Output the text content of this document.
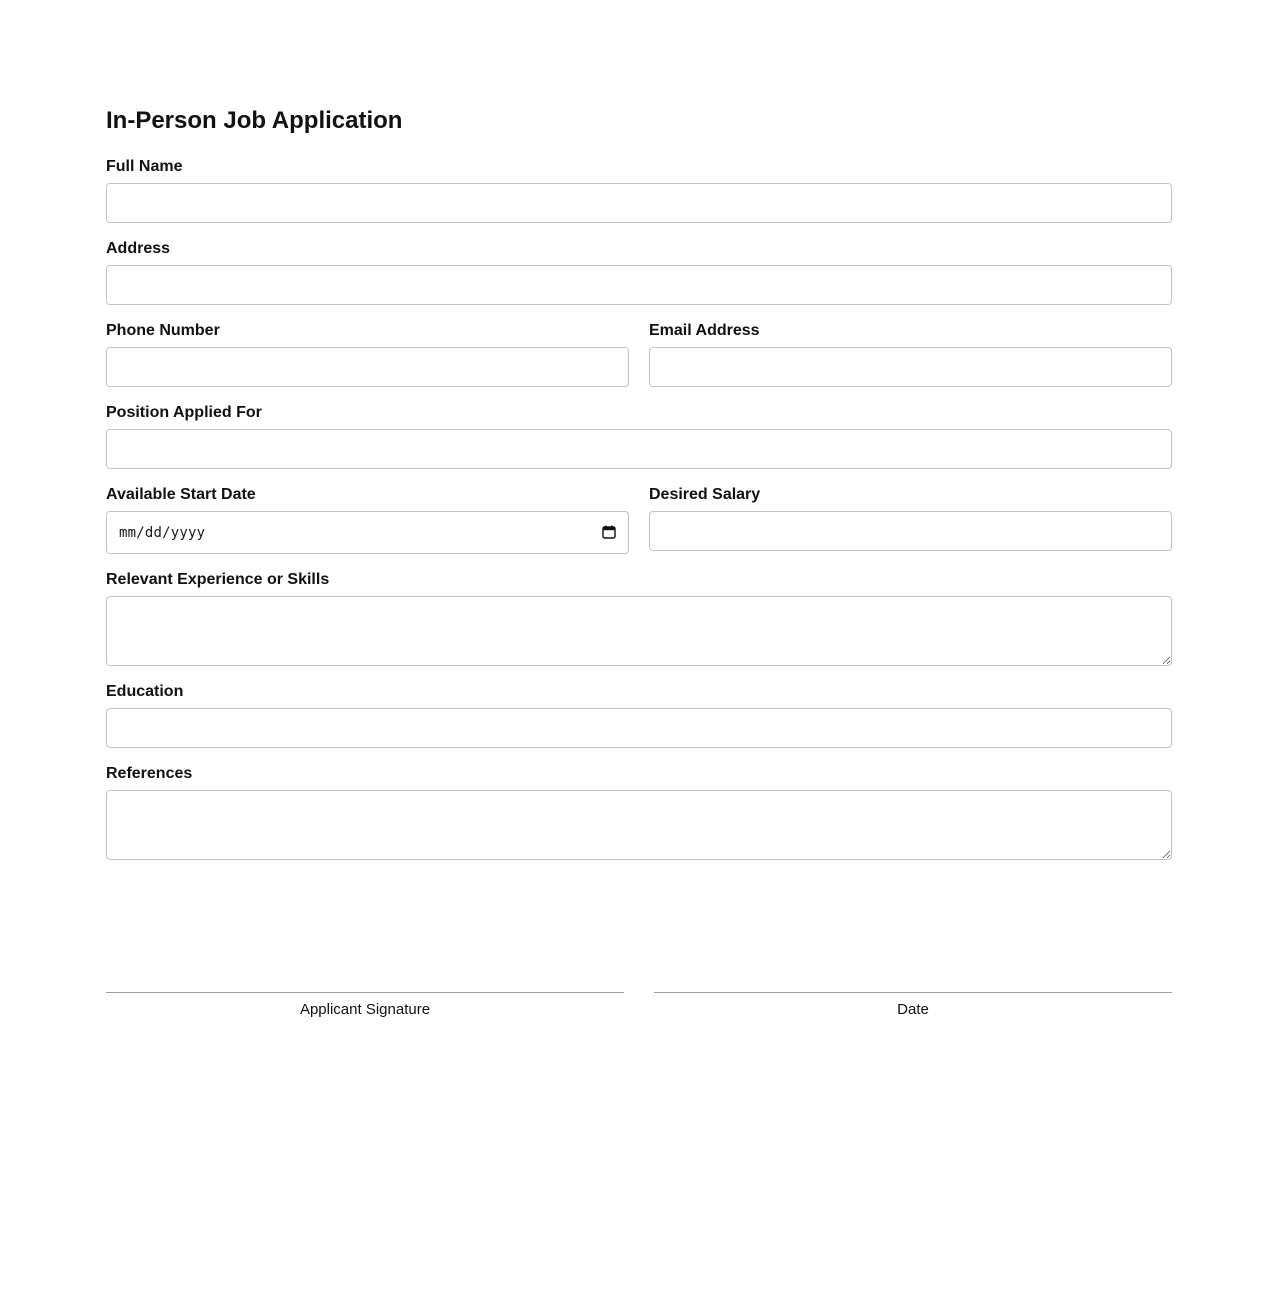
In-Person Job Application
Full Name
Address
Phone Number	Email Address
Position Applied For
Available Start Date
mm/dd/yyyy
Desired Salary
Relevant Experience or Skills
Education
References
Applicant Signature	Date
